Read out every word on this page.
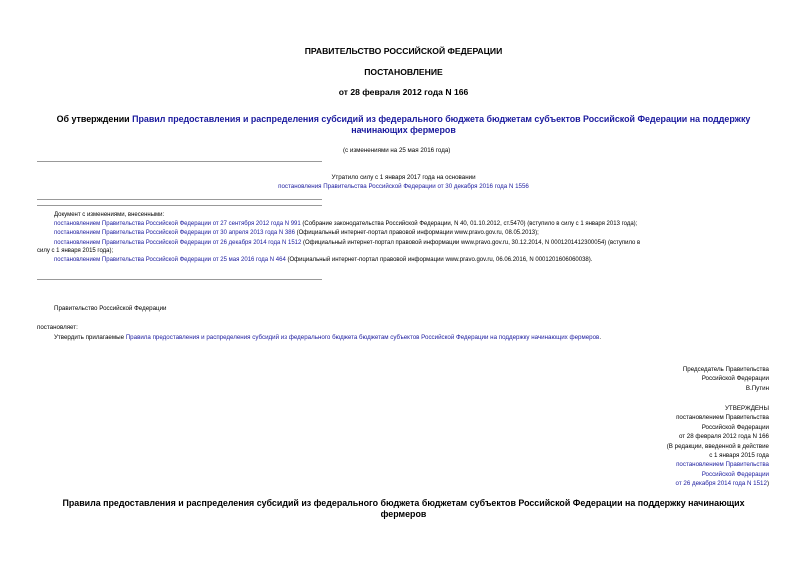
ПРАВИТЕЛЬСТВО РОССИЙСКОЙ ФЕДЕРАЦИИ
ПОСТАНОВЛЕНИЕ
от 28 февраля 2012 года N 166
Об утверждении Правил предоставления и распределения субсидий из федерального бюджета бюджетам субъектов Российской Федерации на поддержку
начинающих фермеров
(с изменениями на 25 мая 2016 года)
Утратило силу с 1 января 2017 года на основании
постановления Правительства Российской Федерации от 30 декабря 2016 года N 1556
Документ с изменениями, внесенными:
постановлением Правительства Российской Федерации от 27 сентября 2012 года N 991 (Собрание законодательства Российской Федерации, N 40, 01.10.2012, ст.5470) (вступило в силу с 1 января 2013 года);
постановлением Правительства Российской Федерации от 30 апреля 2013 года N 386 (Официальный интернет-портал правовой информации www.pravo.gov.ru, 08.05.2013);
постановлением Правительства Российской Федерации от 26 декабря 2014 года N 1512 (Официальный интернет-портал правовой информации www.pravo.gov.ru, 30.12.2014, N 0001201412300054) (вступило в
силу с 1 января 2015 года);
постановлением Правительства Российской Федерации от 25 мая 2016 года N 464 (Официальный интернет-портал правовой информации www.pravo.gov.ru, 06.06.2016, N 0001201606060038).
Правительство Российской Федерации
постановляет:
Утвердить прилагаемые Правила предоставления и распределения субсидий из федерального бюджета бюджетам субъектов Российской Федерации на поддержку начинающих фермеров.
Председатель Правительства
Российской Федерации
В.Путин
УТВЕРЖДЕНЫ
постановлением Правительства
Российской Федерации
от 28 февраля 2012 года N 166
(В редакции, введенной в действие
с 1 января 2015 года
постановлением Правительства
Российской Федерации
от 26 декабря 2014 года N 1512)
Правила предоставления и распределения субсидий из федерального бюджета бюджетам субъектов Российской Федерации на поддержку начинающих
фермеров
